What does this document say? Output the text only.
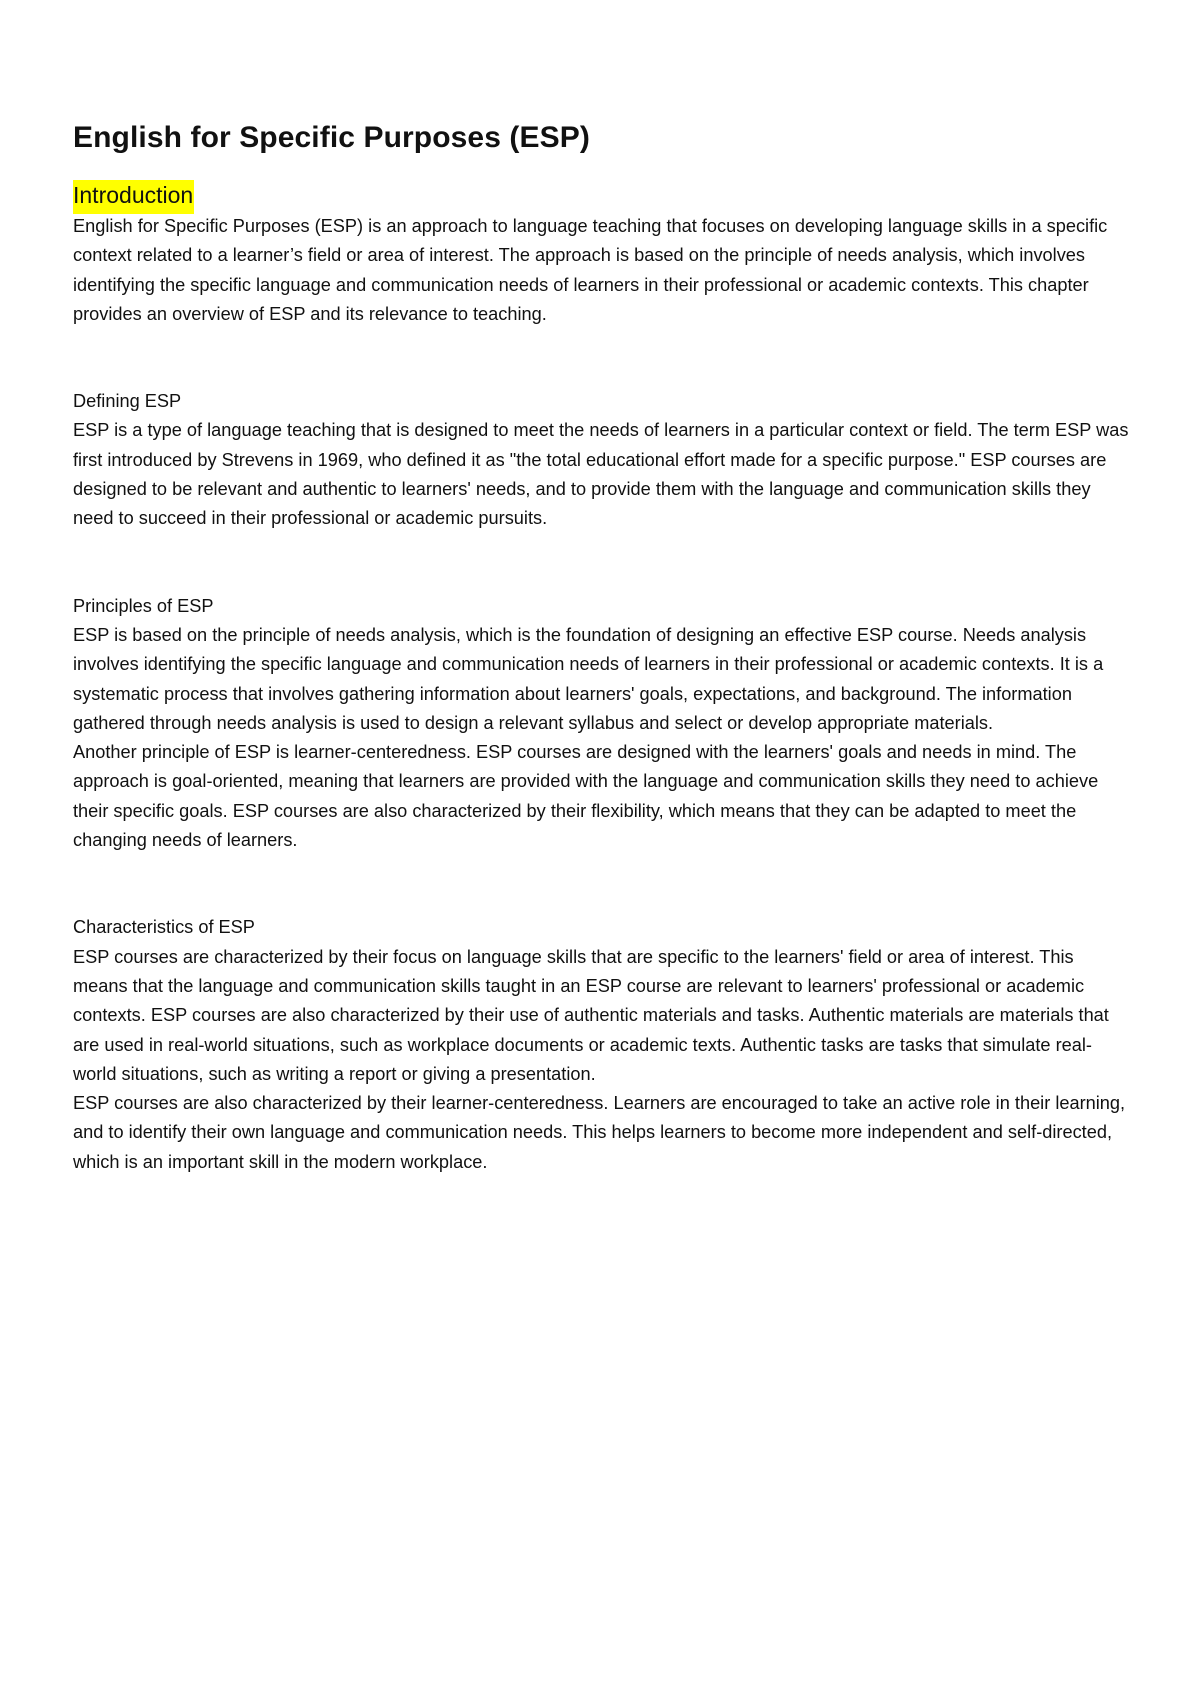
English for Specific Purposes (ESP)
Introduction

English for Specific Purposes (ESP) is an approach to language teaching that focuses on developing language skills in a specific context related to a learner’s field or area of interest. The approach is based on the principle of needs analysis, which involves identifying the specific language and communication needs of learners in their professional or academic contexts. This chapter provides an overview of ESP and its relevance to teaching.

Defining ESP

ESP is a type of language teaching that is designed to meet the needs of learners in a particular context or field. The term ESP was first introduced by Strevens in 1969, who defined it as "the total educational effort made for a specific purpose." ESP courses are designed to be relevant and authentic to learners' needs, and to provide them with the language and communication skills they need to succeed in their professional or academic pursuits.

Principles of ESP

ESP is based on the principle of needs analysis, which is the foundation of designing an effective ESP course. Needs analysis involves identifying the specific language and communication needs of learners in their professional or academic contexts. It is a systematic process that involves gathering information about learners' goals, expectations, and background. The information gathered through needs analysis is used to design a relevant syllabus and select or develop appropriate materials.

Another principle of ESP is learner-centeredness. ESP courses are designed with the learners' goals and needs in mind. The approach is goal-oriented, meaning that learners are provided with the language and communication skills they need to achieve their specific goals. ESP courses are also characterized by their flexibility, which means that they can be adapted to meet the changing needs of learners.

Characteristics of ESP

ESP courses are characterized by their focus on language skills that are specific to the learners' field or area of interest. This means that the language and communication skills taught in an ESP course are relevant to learners' professional or academic contexts. ESP courses are also characterized by their use of authentic materials and tasks. Authentic materials are materials that are used in real-world situations, such as workplace documents or academic texts. Authentic tasks are tasks that simulate real-world situations, such as writing a report or giving a presentation.

ESP courses are also characterized by their learner-centeredness. Learners are encouraged to take an active role in their learning, and to identify their own language and communication needs. This helps learners to become more independent and self-directed, which is an important skill in the modern workplace.
